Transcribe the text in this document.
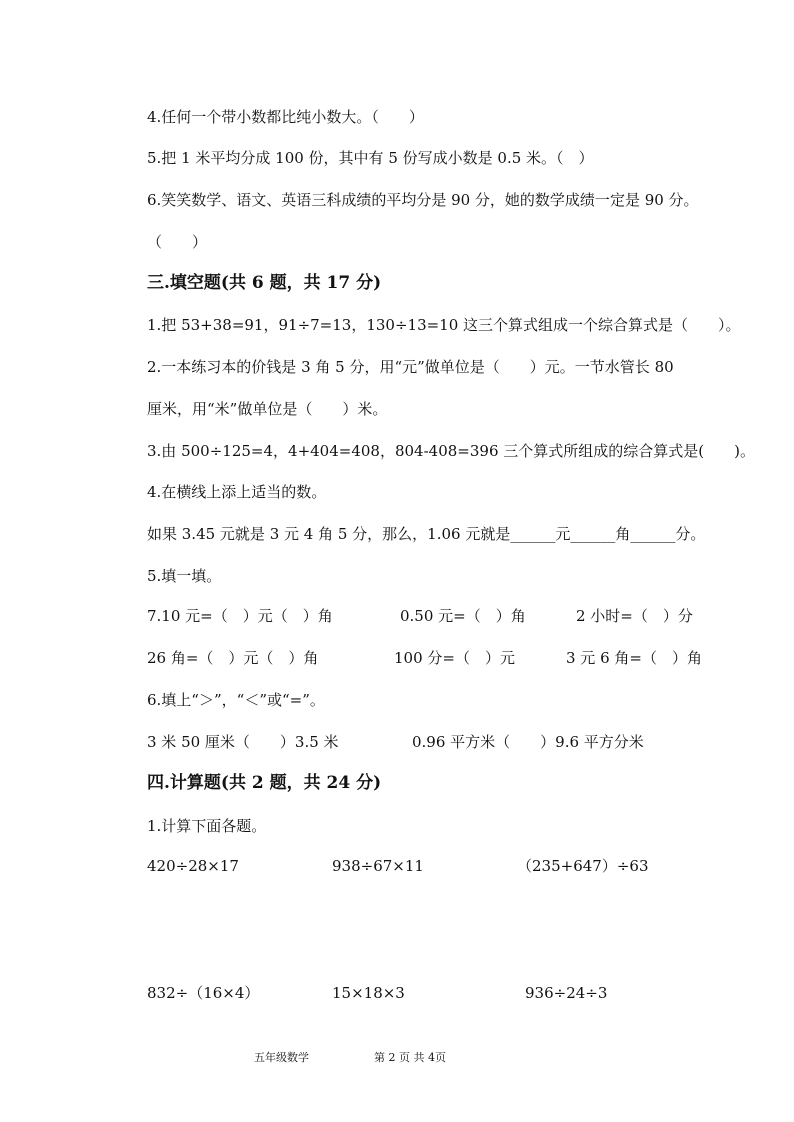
4.任何一个带小数都比纯小数大。（　　）
5.把 1 米平均分成 100 份，其中有 5 份写成小数是 0.5 米。（　）
6.笑笑数学、语文、英语三科成绩的平均分是 90 分，她的数学成绩一定是 90 分。
（　　）
三.填空题(共 6 题，共 17 分)
1.把 53+38=91，91÷7=13，130÷13=10 这三个算式组成一个综合算式是（　　）。
2.一本练习本的价钱是 3 角 5 分，用“元”做单位是（　　）元。一节水管长 80
厘米，用“米”做单位是（　　）米。
3.由 500÷125=4，4+404=408，804-408=396 三个算式所组成的综合算式是(　　)。
4.在横线上添上适当的数。
如果 3.45 元就是 3 元 4 角 5 分，那么，1.06 元就是______元______角______分。
5.填一填。
7.10 元=（　）元（　）角	0.50 元=（　）角	2 小时=（　）分
26 角=（　）元（　）角	100 分=（　）元	3 元 6 角=（　）角
6.填上“＞”，“＜”或“=”。
3 米 50 厘米（　　）3.5 米	0.96 平方米（　　）9.6 平方分米
四.计算题(共 2 题，共 24 分)
1.计算下面各题。
420÷28×17	938÷67×11	（235+647）÷63
832÷（16×4）	15×18×3	936÷24÷3
五年级数学	第 2 页 共 4页
